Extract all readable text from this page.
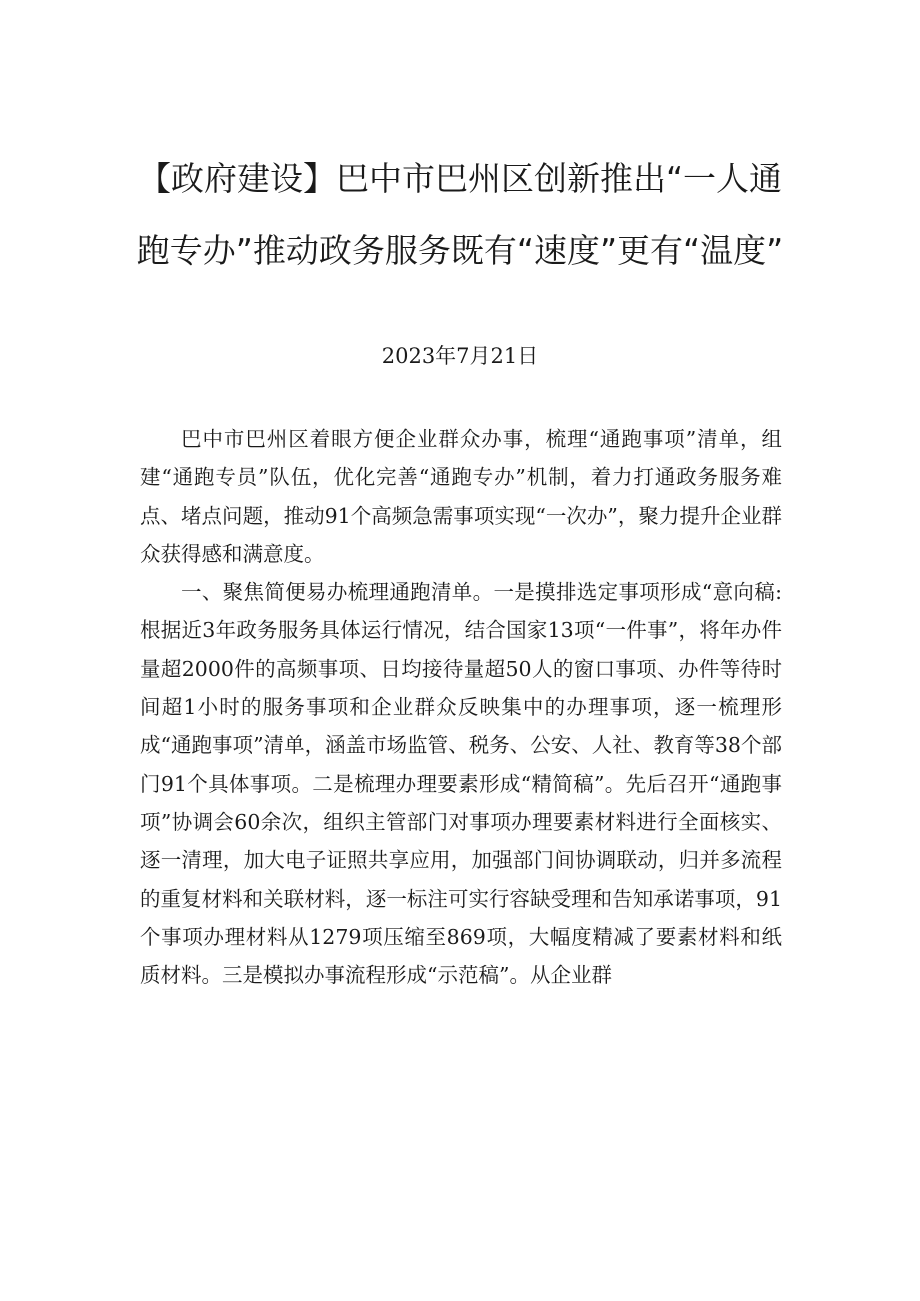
【政府建设】巴中市巴州区创新推出“一人通跑专办”推动政务服务既有“速度”更有“温度”
2023年7月21日

巴中市巴州区着眼方便企业群众办事，梳理“通跑事项”清单，组建“通跑专员”队伍，优化完善“通跑专办”机制，着力打通政务服务难点、堵点问题，推动91个高频急需事项实现“一次办”，聚力提升企业群众获得感和满意度。

一、聚焦简便易办梳理通跑清单。一是摸排选定事项形成“意向稿:根据近3年政务服务具体运行情况，结合国家13项“一件事”，将年办件量超2000件的高频事项、日均接待量超50人的窗口事项、办件等待时间超1小时的服务事项和企业群众反映集中的办理事项，逐一梳理形成“通跑事项”清单，涵盖市场监管、税务、公安、人社、教育等38个部门91个具体事项。二是梳理办理要素形成“精简稿”。先后召开“通跑事项”协调会60余次，组织主管部门对事项办理要素材料进行全面核实、逐一清理，加大电子证照共享应用，加强部门间协调联动，归并多流程的重复材料和关联材料，逐一标注可实行容缺受理和告知承诺事项，91个事项办理材料从1279项压缩至869项，大幅度精减了要素材料和纸质材料。三是模拟办事流程形成“示范稿”。从企业群
